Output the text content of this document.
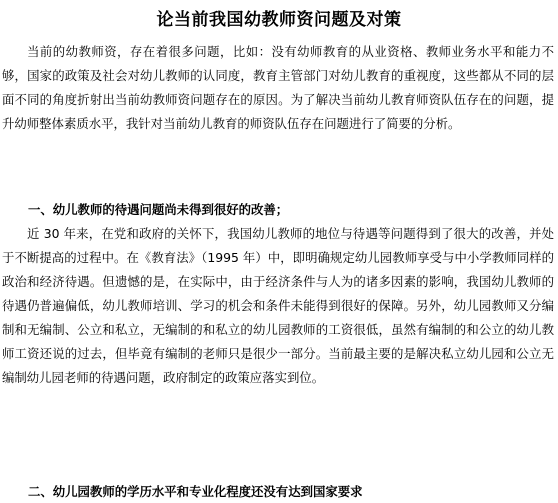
论当前我国幼教师资问题及对策

当前的幼教师资，存在着很多问题，比如：没有幼师教育的从业资格、教师业务水平和能力不够，国家的政策及社会对幼儿教师的认同度，教育主管部门对幼儿教育的重视度，这些都从不同的层面不同的角度折射出当前幼教师资问题存在的原因。为了解决当前幼儿教育师资队伍存在的问题，提升幼师整体素质水平，我针对当前幼儿教育的师资队伍存在问题进行了简要的分析。

一、幼儿教师的待遇问题尚未得到很好的改善；

近 30 年来，在党和政府的关怀下，我国幼儿教师的地位与待遇等问题得到了很大的改善，并处于不断提高的过程中。在《教育法》（1995 年）中，即明确规定幼儿园教师享受与中小学教师同样的政治和经济待遇。但遗憾的是，在实际中，由于经济条件与人为的诸多因素的影响，我国幼儿教师的待遇仍普遍偏低，幼儿教师培训、学习的机会和条件未能得到很好的保障。另外，幼儿园教师又分编制和无编制、公立和私立，无编制的和私立的幼儿园教师的工资很低，虽然有编制的和公立的幼儿教师工资还说的过去，但毕竟有编制的老师只是很少一部分。当前最主要的是解决私立幼儿园和公立无编制幼儿园老师的待遇问题，政府制定的政策应落实到位。

二、幼儿园教师的学历水平和专业化程度还没有达到国家要求
